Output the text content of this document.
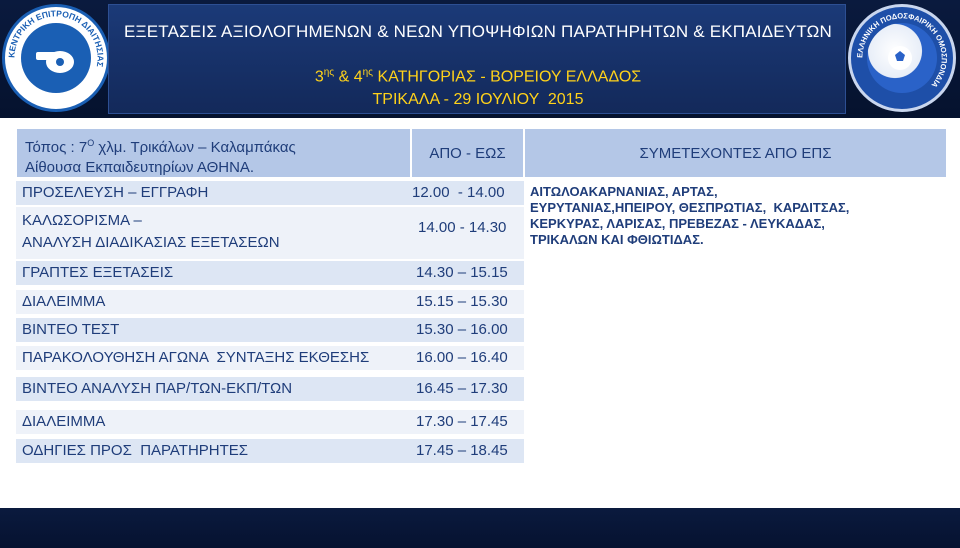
ΚΕΝΤΡΙΚΗ ΕΠΙΤΡΟΠΗ ΔΙΑΙΤΗΣΙΑΣ
ΕΞΕΤΑΣΕΙΣ ΑΞΙΟΛΟΓΗΜΕΝΩΝ & ΝΕΩΝ ΥΠΟΨΗΦΙΩΝ ΠΑΡΑΤΗΡΗΤΩΝ & ΕΚΠΑΙΔΕΥΤΩΝ
$3^{\eta\varsigma}$ & $4^{\eta\varsigma}$ ΚΑΤΗΓΟΡΙΑΣ - ΒΟΡΕΙΟΥ ΕΛΛΑΔΟΣ
ΤΡΙΚΑΛΑ - 29 ΙΟΥΛΙΟΥ  2015
ΕΛΛΗΝΙΚΗ ΠΟΔΟΣΦΑΙΡΙΚΗ ΟΜΟΣΠΟΝΔΙΑ
Τόπος : $7^O$ χλμ. Τρικάλων – Καλαμπάκας
Αίθουσα Εκπαιδευτηρίων ΑΘΗΝΑ.
ΑΠΟ - ΕΩΣ	ΣΥΜΕΤΕΧΟΝΤΕΣ ΑΠΟ ΕΠΣ
ΠΡΟΣΕΛΕΥΣΗ – ΕΓΓΡΑΦΗ	12.00  - 14.00
ΚΑΛΩΣΟΡΙΣΜΑ –
ΑΝΑΛΥΣΗ ΔΙΑΔΙΚΑΣΙΑΣ ΕΞΕΤΑΣΕΩΝ
14.00 - 14.30
ΓΡΑΠΤΕΣ ΕΞΕΤΑΣΕΙΣ	14.30 – 15.15
ΔΙΑΛΕΙΜΜΑ	15.15 – 15.30
ΒΙΝΤΕΟ ΤΕΣΤ	15.30 – 16.00
ΠΑΡΑΚΟΛΟΥΘΗΣΗ ΑΓΩΝΑ  ΣΥΝΤΑΞΗΣ ΕΚΘΕΣΗΣ	16.00 – 16.40
ΒΙΝΤΕΟ ΑΝΑΛΥΣΗ ΠΑΡ/ΤΩΝ-ΕΚΠ/ΤΩΝ	16.45 – 17.30
ΔΙΑΛΕΙΜΜΑ	17.30 – 17.45
ΟΔΗΓΙΕΣ ΠΡΟΣ  ΠΑΡΑΤΗΡΗΤΕΣ	17.45 – 18.45
ΑΙΤΩΛΟΑΚΑΡΝΑΝΙΑΣ, ΑΡΤΑΣ,
ΕΥΡΥΤΑΝΙΑΣ,ΗΠΕΙΡΟΥ, ΘΕΣΠΡΩΤΙΑΣ,  ΚΑΡΔΙΤΣΑΣ,
ΚΕΡΚΥΡΑΣ, ΛΑΡΙΣΑΣ, ΠΡΕΒΕΖΑΣ - ΛΕΥΚΑΔΑΣ,
ΤΡΙΚΑΛΩΝ ΚΑΙ ΦΘΙΩΤΙΔΑΣ.
